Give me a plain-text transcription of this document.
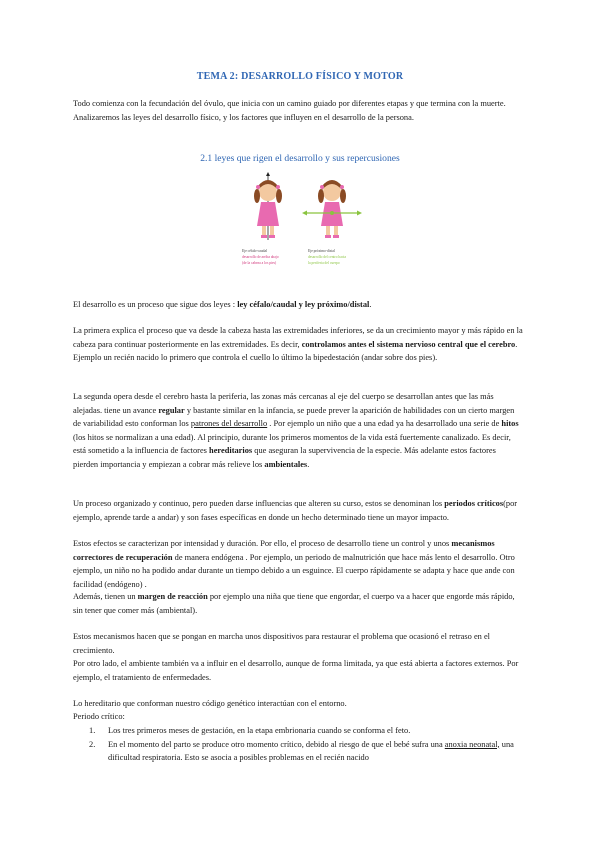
TEMA 2: DESARROLLO FÍSICO Y MOTOR

Todo comienza con la fecundación del óvulo, que inicia con un camino guiado por diferentes etapas y que termina con la muerte. Analizaremos las leyes del desarrollo físico, y los factores que influyen en el desarrollo de la persona.

2.1 leyes que rigen el desarrollo y sus repercusiones
Eje céfalo-caudal
desarrollo de arriba abajo
(de la cabeza a los pies)
Eje próximo-distal
desarrollo del centro hacia
la periferia del cuerpo

El desarrollo es un proceso que sigue dos leyes : ley céfalo/caudal y ley próximo/distal.

La primera explica el proceso que va desde la cabeza hasta las extremidades inferiores, se da un crecimiento mayor y más rápido en la cabeza para continuar posteriormente en las extremidades. Es decir, controlamos antes el sistema nervioso central que el cerebro. Ejemplo un recién nacido lo primero que controla el cuello lo último la bipedestación (andar sobre dos pies).

La segunda opera desde el cerebro hasta la periferia, las zonas más cercanas al eje del cuerpo se desarrollan antes que las más alejadas. tiene un avance regular y bastante similar en la infancia, se puede prever la aparición de habilidades con un cierto margen de variabilidad esto conforman los patrones del desarrollo . Por ejemplo un niño que a una edad ya ha desarrollado una serie de hitos (los hitos se normalizan a una edad). Al principio, durante los primeros momentos de la vida está fuertemente canalizado. Es decir, está sometido a la influencia de factores hereditarios que aseguran la supervivencia de la especie. Más adelante estos factores pierden importancia y empiezan a cobrar más relieve los ambientales.

Un proceso organizado y continuo, pero pueden darse influencias que alteren su curso, estos se denominan los periodos críticos(por ejemplo, aprende tarde a andar) y son fases específicas en donde un hecho determinado tiene un mayor impacto.

Estos efectos se caracterizan por intensidad y duración. Por ello, el proceso de desarrollo tiene un control y unos mecanismos correctores de recuperación de manera endógena . Por ejemplo, un periodo de malnutrición que hace más lento el desarrollo. Otro ejemplo, un niño no ha podido andar durante un tiempo debido a un esguince. El cuerpo rápidamente se adapta y hace que ande con facilidad (endógeno) .

Además, tienen un margen de reacción por ejemplo una niña que tiene que engordar, el cuerpo va a hacer que engorde más rápido, sin tener que comer más (ambiental).

Estos mecanismos hacen que se pongan en marcha unos dispositivos para restaurar el problema que ocasionó el retraso en el crecimiento.

Por otro lado, el ambiente también va a influir en el desarrollo, aunque de forma limitada, ya que está abierta a factores externos. Por ejemplo, el tratamiento de enfermedades.

Lo hereditario que conforman nuestro código genético interactúan con el entorno.

Periodo crítico:

1. Los tres primeros meses de gestación, en la etapa embrionaria cuando se conforma el feto.
2. En el momento del parto se produce otro momento crítico, debido al riesgo de que el bebé sufra una anoxia neonatal, una dificultad respiratoria. Esto se asocia a posibles problemas en el recién nacido
